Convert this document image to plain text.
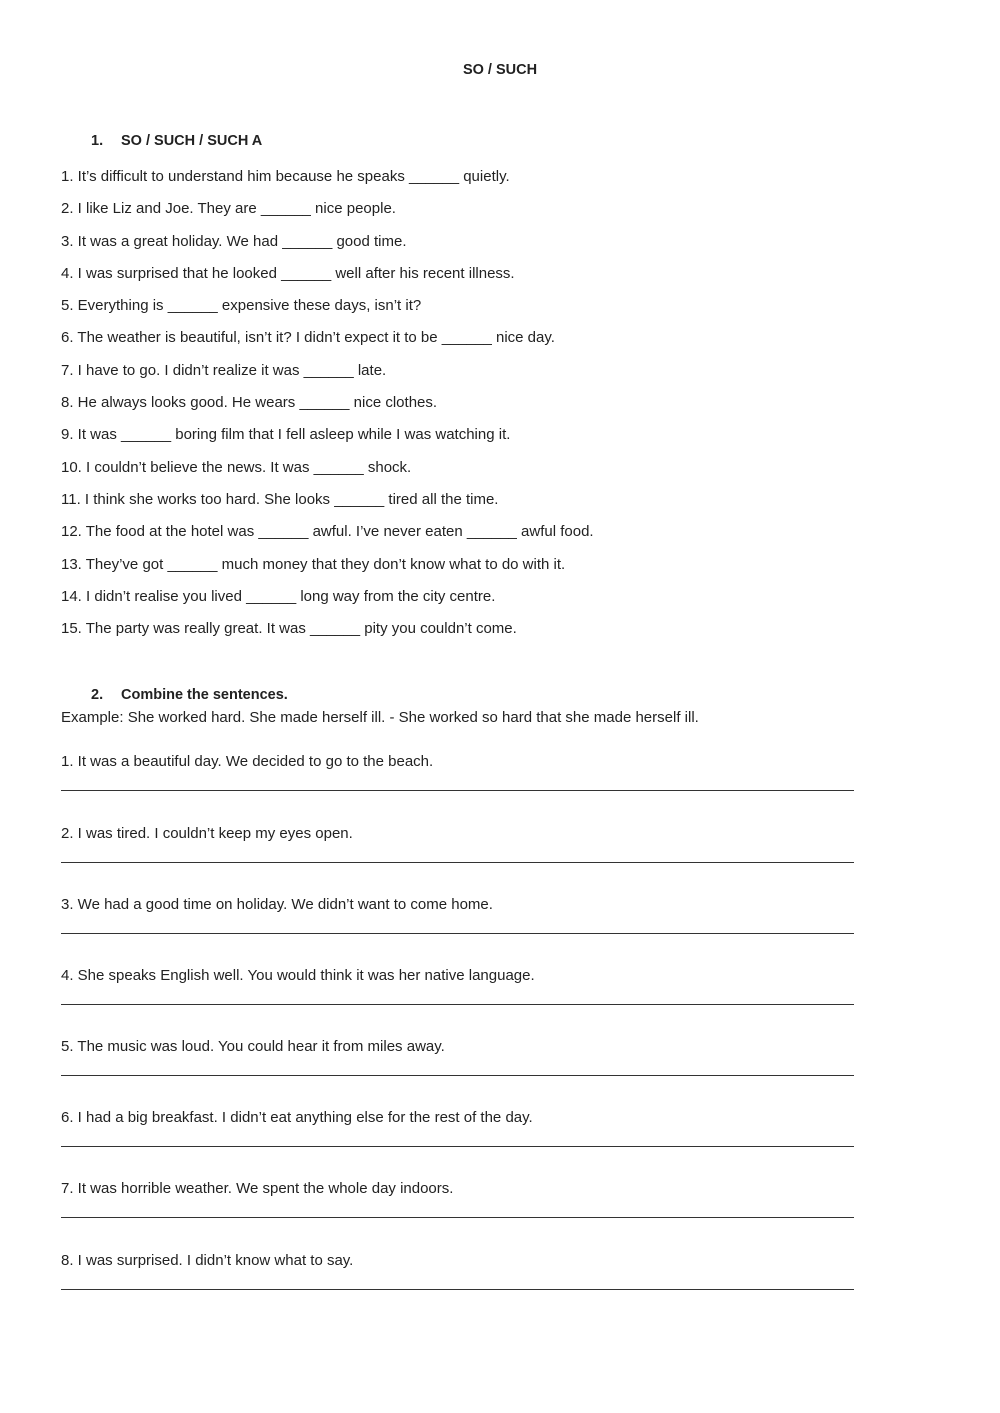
SO / SUCH
1. SO / SUCH / SUCH A
1. It’s difficult to understand him because he speaks ______ quietly.
2. I like Liz and Joe. They are ______ nice people.
3. It was a great holiday. We had ______ good time.
4. I was surprised that he looked ______ well after his recent illness.
5. Everything is ______ expensive these days, isn’t it?
6. The weather is beautiful, isn’t it? I didn’t expect it to be ______ nice day.
7. I have to go. I didn’t realize it was ______ late.
8. He always looks good. He wears ______ nice clothes.
9. It was ______ boring film that I fell asleep while I was watching it.
10. I couldn’t believe the news. It was ______ shock.
11. I think she works too hard. She looks ______ tired all the time.
12. The food at the hotel was ______ awful. I’ve never eaten ______ awful food.
13. They’ve got ______ much money that they don’t know what to do with it.
14. I didn’t realise you lived ______ long way from the city centre.
15. The party was really great. It was ______ pity you couldn’t come.
2. Combine the sentences.
Example: She worked hard. She made herself ill. - She worked so hard that she made herself ill.
1. It was a beautiful day. We decided to go to the beach.
2. I was tired. I couldn’t keep my eyes open.
3. We had a good time on holiday. We didn’t want to come home.
4. She speaks English well. You would think it was her native language.
5. The music was loud. You could hear it from miles away.
6. I had a big breakfast. I didn’t eat anything else for the rest of the day.
7. It was horrible weather. We spent the whole day indoors.
8. I was surprised. I didn’t know what to say.
